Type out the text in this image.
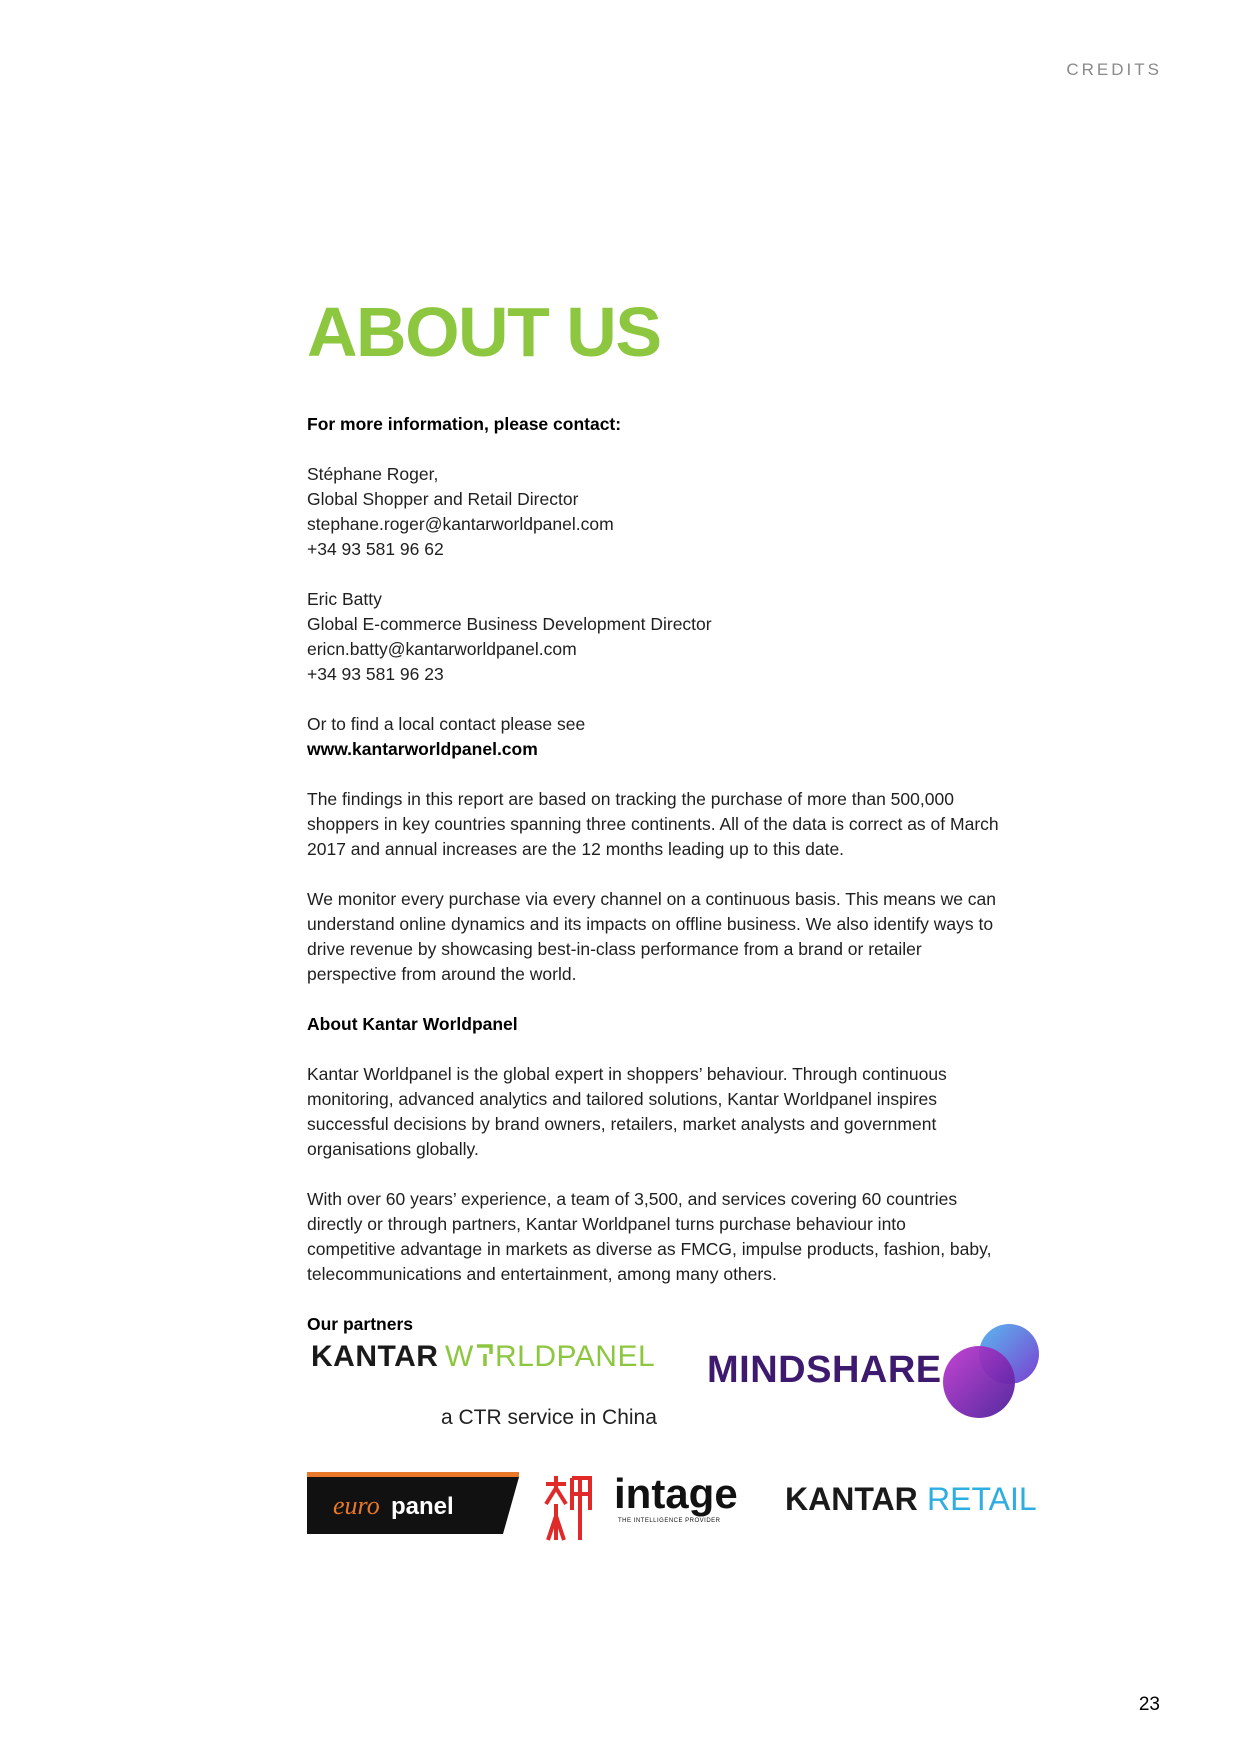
CREDITS
ABOUT US
For more information, please contact:
Stéphane Roger,
Global Shopper and Retail Director
stephane.roger@kantarworldpanel.com
+34 93 581 96 62
Eric Batty
Global E-commerce Business Development Director
ericn.batty@kantarworldpanel.com
+34 93 581 96 23
Or to find a local contact please see
www.kantarworldpanel.com
The findings in this report are based on tracking the purchase of more than 500,000
shoppers in key countries spanning three continents. All of the data is correct as of March
2017 and annual increases are the 12 months leading up to this date.
We monitor every purchase via every channel on a continuous basis. This means we can
understand online dynamics and its impacts on offline business. We also identify ways to
drive revenue by showcasing best-in-class performance from a brand or retailer
perspective from around the world.
About Kantar Worldpanel
Kantar Worldpanel is the global expert in shoppers’ behaviour. Through continuous
monitoring, advanced analytics and tailored solutions, Kantar Worldpanel inspires
successful decisions by brand owners, retailers, market analysts and government
organisations globally.
With over 60 years’ experience, a team of 3,500, and services covering 60 countries
directly or through partners, Kantar Worldpanel turns purchase behaviour into
competitive advantage in markets as diverse as FMCG, impulse products, fashion, baby,
telecommunications and entertainment, among many others.
Our partners
KANTAR W RLDPANEL
a CTR service in China
MINDSHARE
euro panel	intage
THE INTELLIGENCE PROVIDER
KANTAR RETAIL
23
